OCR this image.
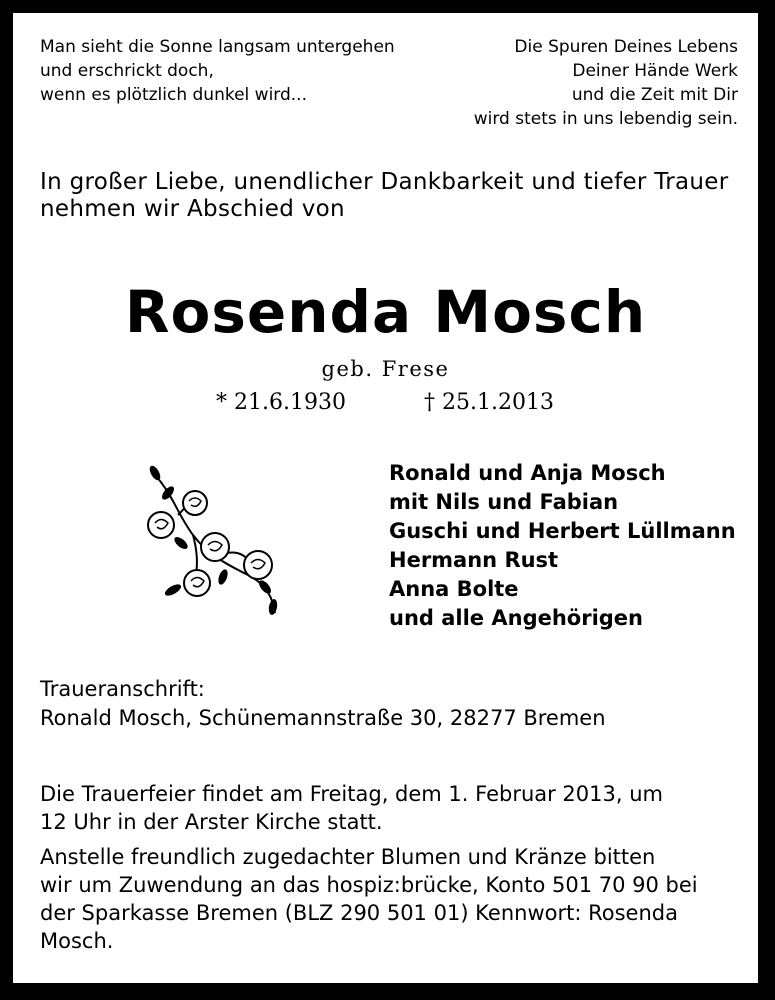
Man sieht die Sonne langsam untergehen
und erschrickt doch,
wenn es plötzlich dunkel wird...
Die Spuren Deines Lebens
Deiner Hände Werk
und die Zeit mit Dir
wird stets in uns lebendig sein.
In großer Liebe, unendlicher Dankbarkeit und tiefer Trauer
nehmen wir Abschied von
Rosenda Mosch
geb. Frese
* 21.6.1930	† 25.1.2013
Ronald und Anja Mosch
mit Nils und Fabian
Guschi und Herbert Lüllmann
Hermann Rust
Anna Bolte
und alle Angehörigen
Traueranschrift:
Ronald Mosch, Schünemannstraße 30, 28277 Bremen
Die Trauerfeier findet am Freitag, dem 1. Februar 2013, um
12 Uhr in der Arster Kirche statt.
Anstelle freundlich zugedachter Blumen und Kränze bitten
wir um Zuwendung an das hospiz:brücke, Konto 501 70 90 bei
der Sparkasse Bremen (BLZ 290 501 01) Kennwort: Rosenda
Mosch.
